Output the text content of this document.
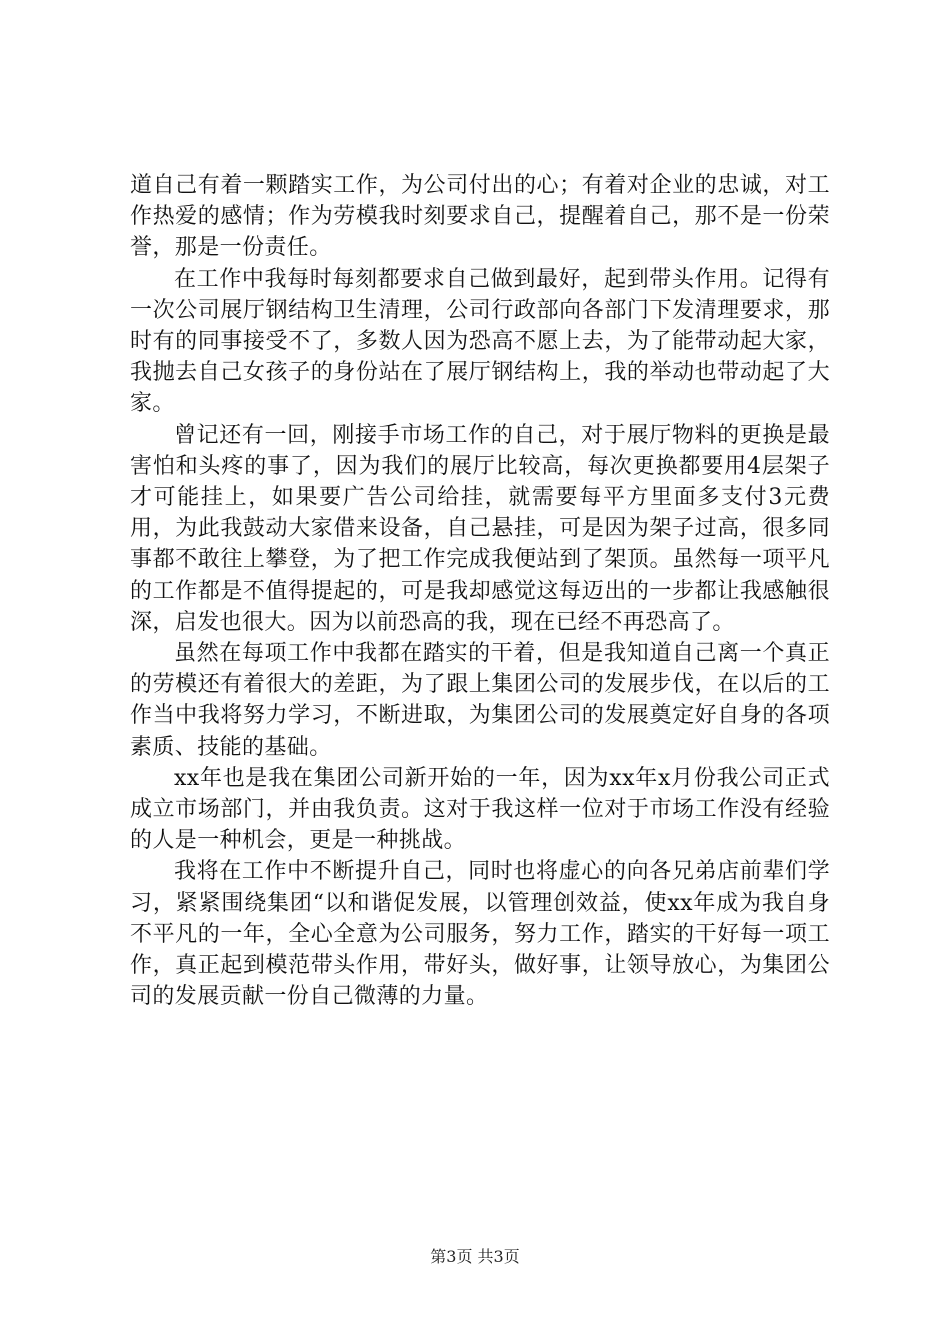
道自己有着一颗踏实工作，为公司付出的心；有着对企业的忠诚，对工作热爱的感情；作为劳模我时刻要求自己，提醒着自己，那不是一份荣誉，那是一份责任。

在工作中我每时每刻都要求自己做到最好，起到带头作用。记得有一次公司展厅钢结构卫生清理，公司行政部向各部门下发清理要求，那时有的同事接受不了，多数人因为恐高不愿上去，为了能带动起大家，我抛去自己女孩子的身份站在了展厅钢结构上，我的举动也带动起了大家。

曾记还有一回，刚接手市场工作的自己，对于展厅物料的更换是最害怕和头疼的事了，因为我们的展厅比较高，每次更换都要用4层架子才可能挂上，如果要广告公司给挂，就需要每平方里面多支付3元费用，为此我鼓动大家借来设备，自己悬挂，可是因为架子过高，很多同事都不敢往上攀登，为了把工作完成我便站到了架顶。虽然每一项平凡的工作都是不值得提起的，可是我却感觉这每迈出的一步都让我感触很深，启发也很大。因为以前恐高的我，现在已经不再恐高了。

虽然在每项工作中我都在踏实的干着，但是我知道自己离一个真正的劳模还有着很大的差距，为了跟上集团公司的发展步伐，在以后的工作当中我将努力学习，不断进取，为集团公司的发展奠定好自身的各项素质、技能的基础。

xx年也是我在集团公司新开始的一年，因为xx年x月份我公司正式成立市场部门，并由我负责。这对于我这样一位对于市场工作没有经验的人是一种机会，更是一种挑战。

我将在工作中不断提升自己，同时也将虚心的向各兄弟店前辈们学习，紧紧围绕集团“以和谐促发展，以管理创效益，使xx年成为我自身不平凡的一年，全心全意为公司服务，努力工作，踏实的干好每一项工作，真正起到模范带头作用，带好头，做好事，让领导放心，为集团公司的发展贡献一份自己微薄的力量。

第3页 共3页
